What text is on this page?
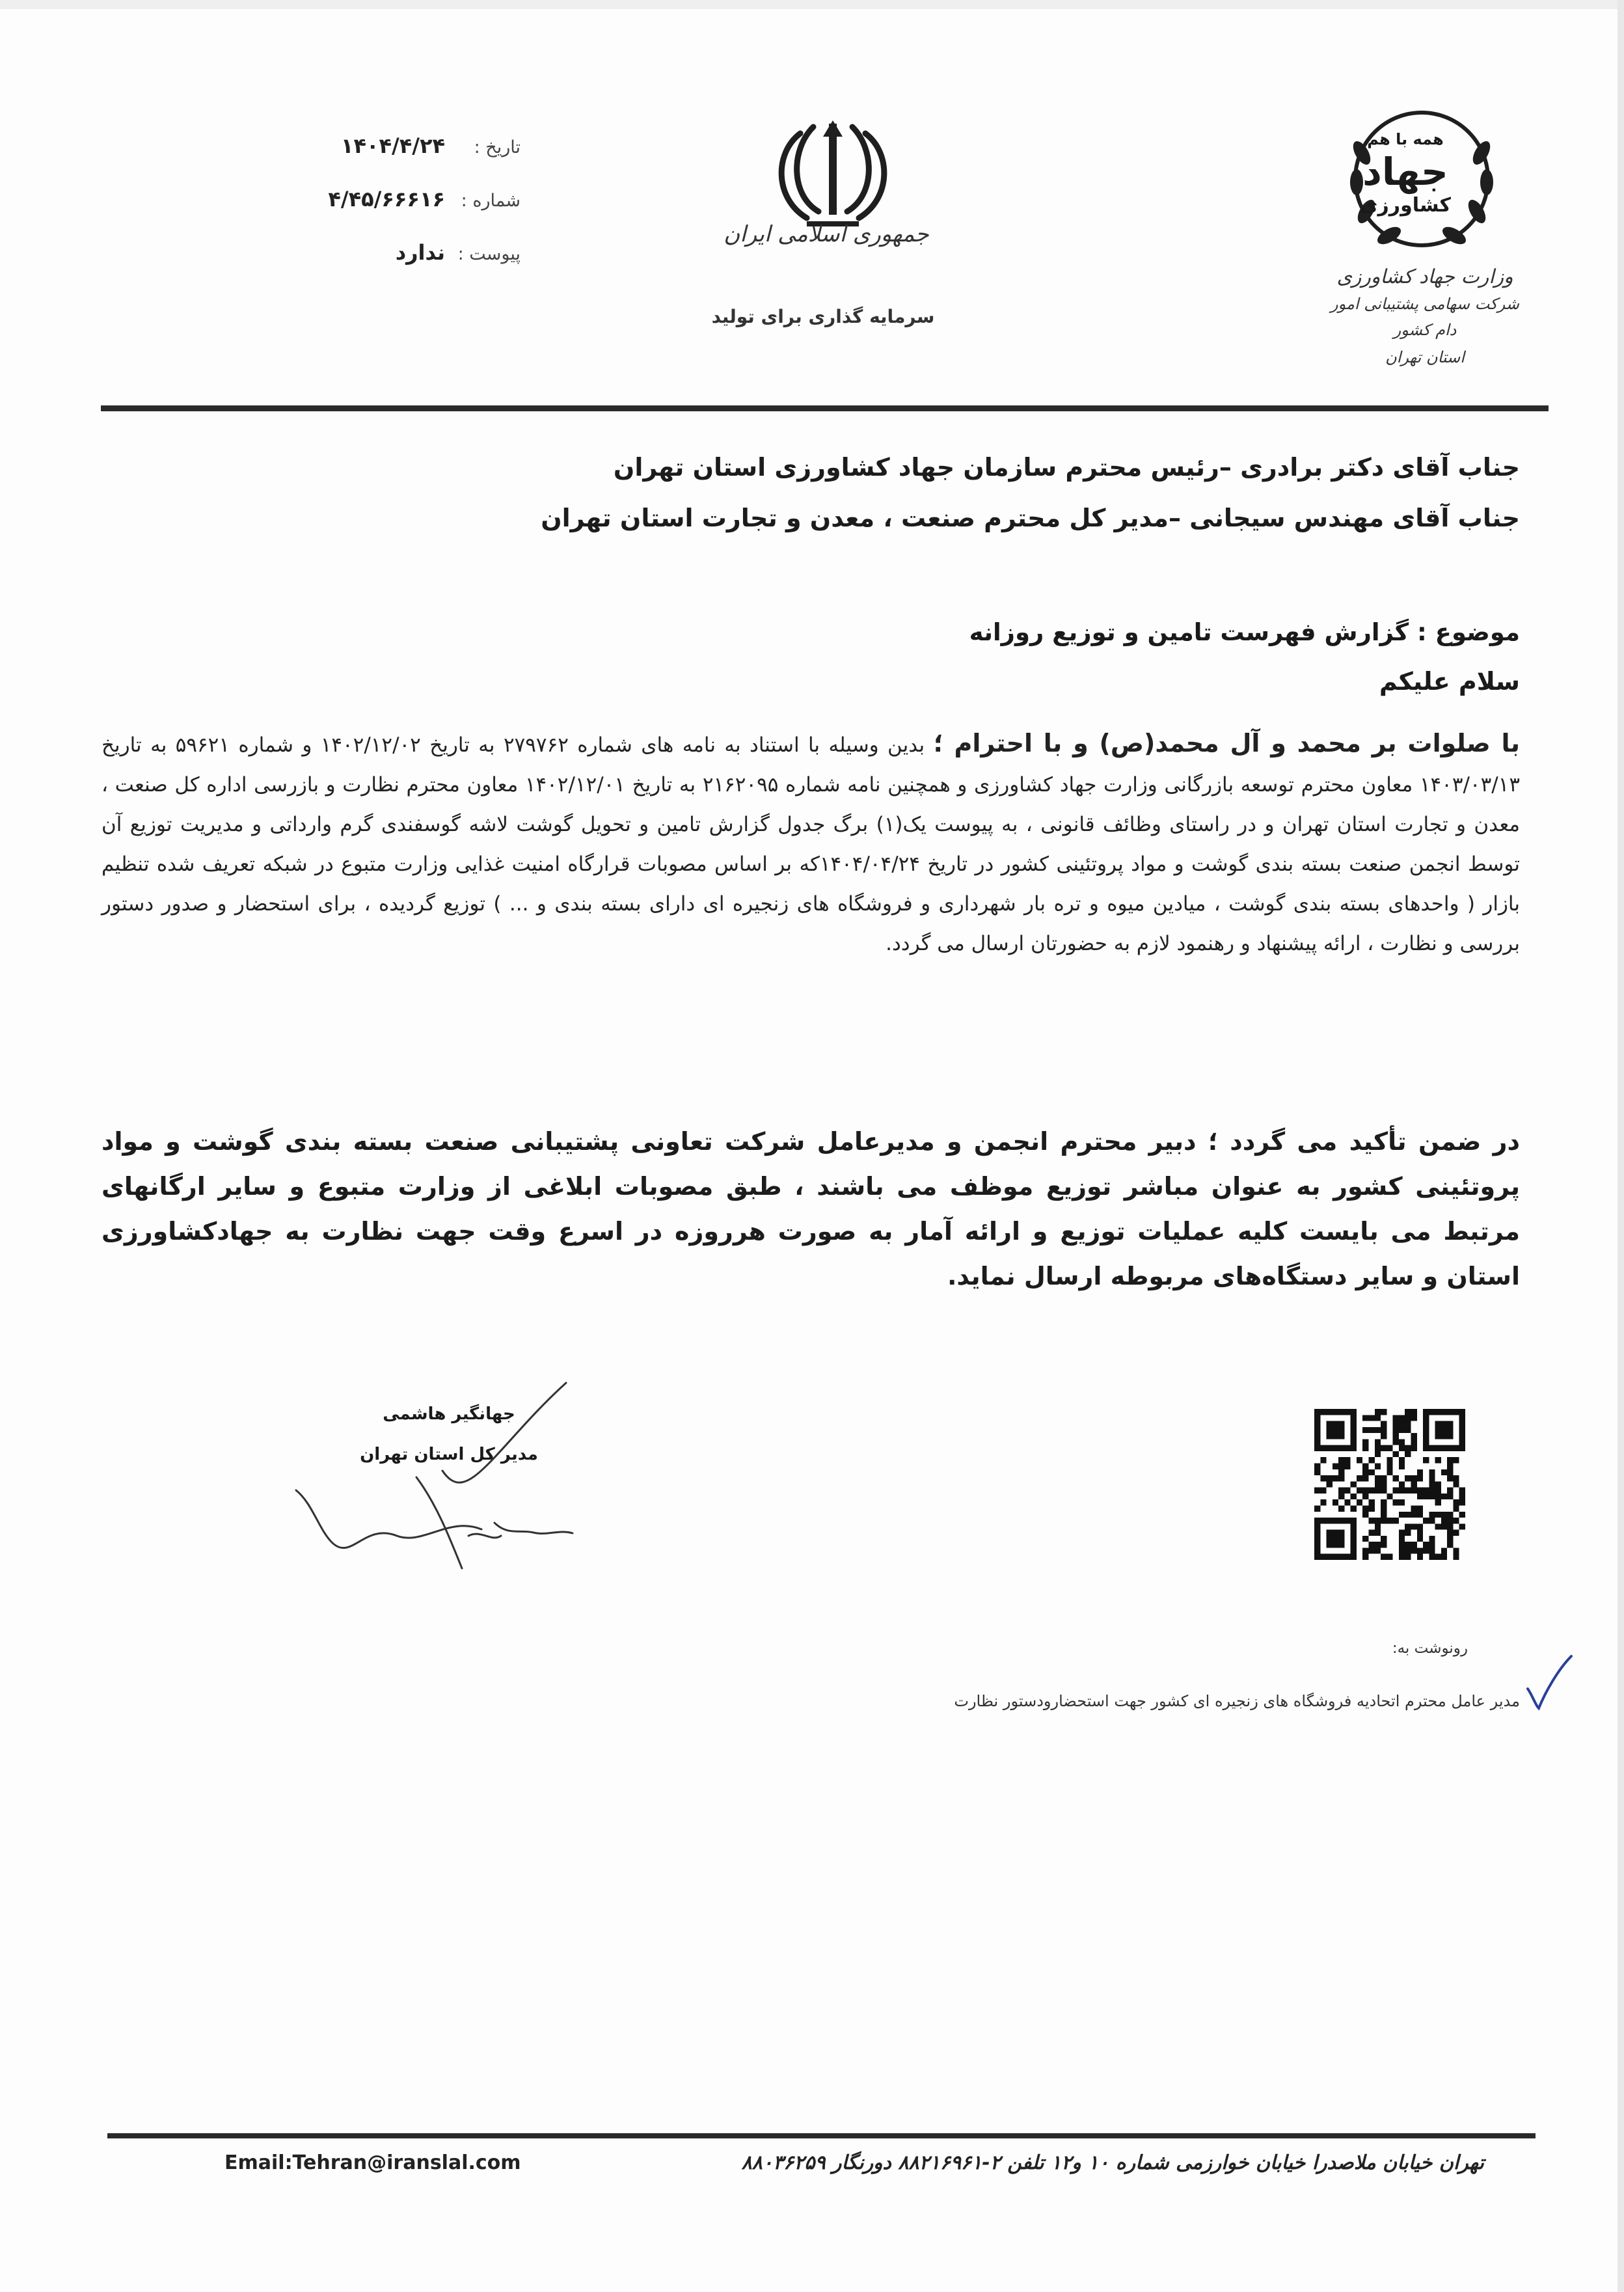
تاریخ :
۱۴۰۴/۴/۲۴
شماره :
۴/۴۵/۶۶۶۱۶
پیوست :
ندارد
جمهوری اسلامی ایران
سرمایه گذاری برای تولید
همه با هم
جهاد
کشاورزی
وزارت جهاد کشاورزی
شرکت سهامی پشتیبانی امور دام کشور
استان تهران
جناب آقای دکتر برادری –رئیس محترم سازمان جهاد کشاورزی استان تهران
جناب آقای مهندس سیجانی –مدیر کل محترم صنعت ، معدن و تجارت استان تهران
موضوع : گزارش فهرست تامین و توزیع روزانه
سلام علیکم
با صلوات بر محمد و آل محمد(ص) و با احترام ؛ بدین وسیله با استناد به نامه های شماره ۲۷۹۷۶۲ به تاریخ ۱۴۰۲/۱۲/۰۲ و شماره ۵۹۶۲۱ به تاریخ ۱۴۰۳/۰۳/۱۳ معاون محترم توسعه بازرگانی وزارت جهاد کشاورزی و همچنین نامه شماره ۲۱۶۲۰۹۵ به تاریخ ۱۴۰۲/۱۲/۰۱ معاون محترم نظارت و بازرسی اداره کل صنعت ، معدن و تجارت استان تهران و در راستای وظائف قانونی ، به پیوست یک(۱) برگ جدول گزارش تامین و تحویل گوشت لاشه گوسفندی گرم وارداتی و مدیریت توزیع آن توسط انجمن صنعت بسته بندی گوشت و مواد پروتئینی کشور در تاریخ ۱۴۰۴/۰۴/۲۴که بر اساس مصوبات قرارگاه امنیت غذایی وزارت متبوع در شبکه تعریف شده تنظیم بازار ( واحدهای بسته بندی گوشت ، میادین میوه و تره بار شهرداری و فروشگاه های زنجیره ای دارای بسته بندی و ... ) توزیع گردیده ، برای استحضار و صدور دستور بررسی و نظارت ، ارائه پیشنهاد و رهنمود لازم به حضورتان ارسال می گردد.
در ضمن تأکید می گردد ؛ دبیر محترم انجمن و مدیرعامل شرکت تعاونی پشتیبانی صنعت بسته بندی گوشت و مواد پروتئینی کشور به عنوان مباشر توزیع موظف می باشند ، طبق مصوبات ابلاغی از وزارت متبوع و سایر ارگانهای مرتبط می بایست کلیه عملیات توزیع و ارائه آمار به صورت هرروزه در اسرع وقت جهت نظارت به جهادکشاورزی استان و سایر دستگاه‌های مربوطه ارسال نماید.
جهانگیر هاشمی
مدیر کل استان تهران
رونوشت به:
مدیر عامل محترم اتحادیه فروشگاه های زنجیره ای کشور جهت استحضارودستور نظارت
Email:Tehran@iranslal.com	تهران خیابان ملاصدرا خیابان خوارزمی شماره ۱۰ و۱۲ تلفن ۲-۸۸۲۱۶۹۶۱ دورنگار ۸۸۰۳۶۲۵۹
